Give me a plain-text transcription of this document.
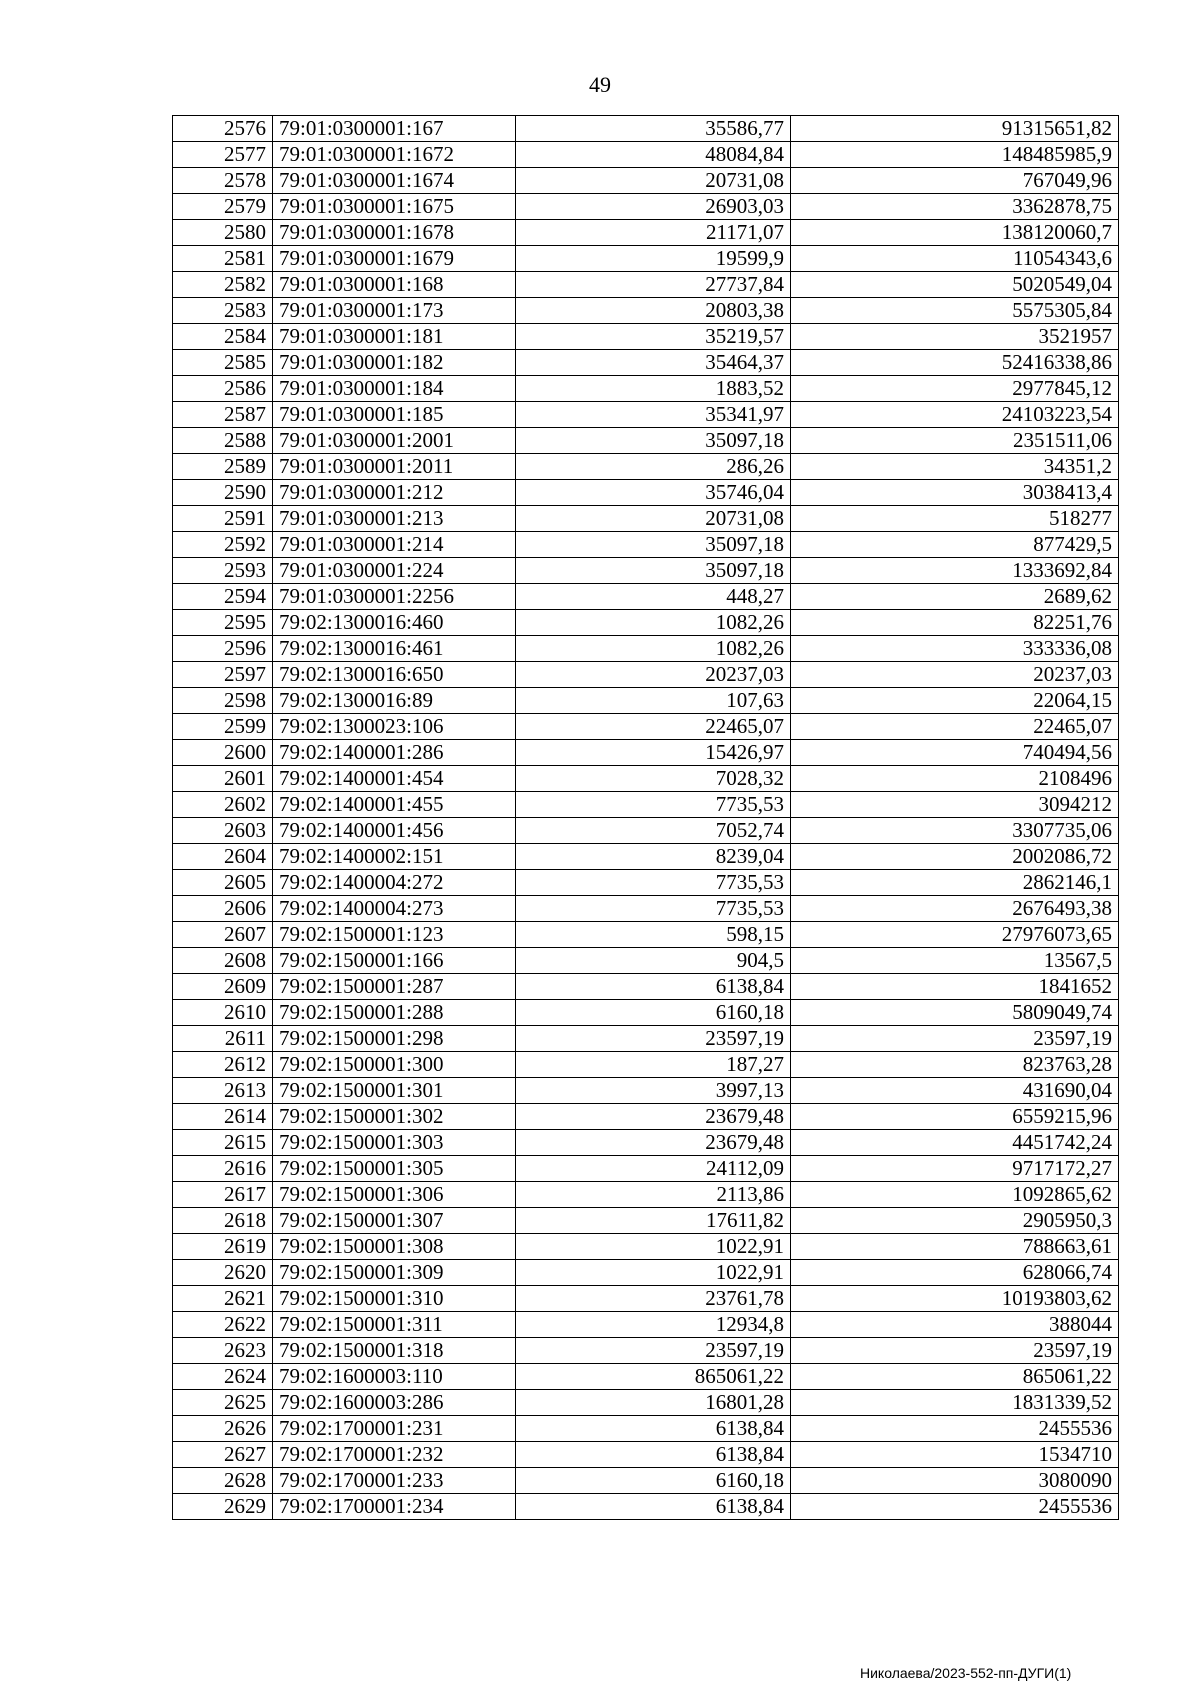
49
2576	79:01:0300001:167	35586,77	91315651,82
2577	79:01:0300001:1672	48084,84	148485985,9
2578	79:01:0300001:1674	20731,08	767049,96
2579	79:01:0300001:1675	26903,03	3362878,75
2580	79:01:0300001:1678	21171,07	138120060,7
2581	79:01:0300001:1679	19599,9	11054343,6
2582	79:01:0300001:168	27737,84	5020549,04
2583	79:01:0300001:173	20803,38	5575305,84
2584	79:01:0300001:181	35219,57	3521957
2585	79:01:0300001:182	35464,37	52416338,86
2586	79:01:0300001:184	1883,52	2977845,12
2587	79:01:0300001:185	35341,97	24103223,54
2588	79:01:0300001:2001	35097,18	2351511,06
2589	79:01:0300001:2011	286,26	34351,2
2590	79:01:0300001:212	35746,04	3038413,4
2591	79:01:0300001:213	20731,08	518277
2592	79:01:0300001:214	35097,18	877429,5
2593	79:01:0300001:224	35097,18	1333692,84
2594	79:01:0300001:2256	448,27	2689,62
2595	79:02:1300016:460	1082,26	82251,76
2596	79:02:1300016:461	1082,26	333336,08
2597	79:02:1300016:650	20237,03	20237,03
2598	79:02:1300016:89	107,63	22064,15
2599	79:02:1300023:106	22465,07	22465,07
2600	79:02:1400001:286	15426,97	740494,56
2601	79:02:1400001:454	7028,32	2108496
2602	79:02:1400001:455	7735,53	3094212
2603	79:02:1400001:456	7052,74	3307735,06
2604	79:02:1400002:151	8239,04	2002086,72
2605	79:02:1400004:272	7735,53	2862146,1
2606	79:02:1400004:273	7735,53	2676493,38
2607	79:02:1500001:123	598,15	27976073,65
2608	79:02:1500001:166	904,5	13567,5
2609	79:02:1500001:287	6138,84	1841652
2610	79:02:1500001:288	6160,18	5809049,74
2611	79:02:1500001:298	23597,19	23597,19
2612	79:02:1500001:300	187,27	823763,28
2613	79:02:1500001:301	3997,13	431690,04
2614	79:02:1500001:302	23679,48	6559215,96
2615	79:02:1500001:303	23679,48	4451742,24
2616	79:02:1500001:305	24112,09	9717172,27
2617	79:02:1500001:306	2113,86	1092865,62
2618	79:02:1500001:307	17611,82	2905950,3
2619	79:02:1500001:308	1022,91	788663,61
2620	79:02:1500001:309	1022,91	628066,74
2621	79:02:1500001:310	23761,78	10193803,62
2622	79:02:1500001:311	12934,8	388044
2623	79:02:1500001:318	23597,19	23597,19
2624	79:02:1600003:110	865061,22	865061,22
2625	79:02:1600003:286	16801,28	1831339,52
2626	79:02:1700001:231	6138,84	2455536
2627	79:02:1700001:232	6138,84	1534710
2628	79:02:1700001:233	6160,18	3080090
2629	79:02:1700001:234	6138,84	2455536
Николаева/2023-552-пп-ДУГИ(1)
